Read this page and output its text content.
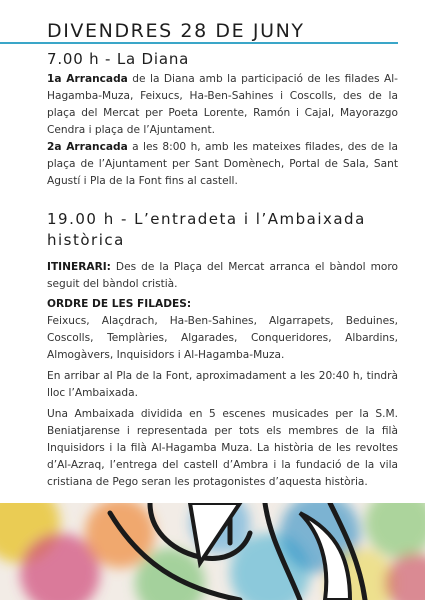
DIVENDRES 28 DE JUNY
7.00 h - La Diana

1a Arrancada de la Diana amb la participació de les filades Al-Hagamba-Muza, Feixucs, Ha-Ben-Sahines i Coscolls, des de la plaça del Mercat per Poeta Lorente, Ramón i Cajal, Mayorazgo Cendra i plaça de l’Ajuntament.

2a Arrancada a les 8:00 h, amb les mateixes filades, des de la plaça de l’Ajuntament per Sant Domènech, Portal de Sala, Sant Agustí i Pla de la Font fins al castell.

19.00 h - L’entradeta i l’Ambaixada històrica

ITINERARI: Des de la Plaça del Mercat arranca el bàndol moro seguit del bàndol cristià.

ORDRE DE LES FILADES:

Feixucs, Alaçdrach, Ha-Ben-Sahines, Algarrapets, Beduines, Coscolls, Templàries, Algarades, Conqueridores, Albardins, Almogàvers, Inquisidors i Al-Hagamba-Muza.

En arribar al Pla de la Font, aproximadament a les 20:40 h, tindrà lloc l’Ambaixada.

Una Ambaixada dividida en 5 escenes musicades per la S.M. Beniatjarense i representada per tots els membres de la filà Inquisidors i la filà Al-Hagamba Muza. La història de les revoltes d’Al-Azraq, l’entrega del castell d’Ambra i la fundació de la vila cristiana de Pego seran les protagonistes d’aquesta història.
